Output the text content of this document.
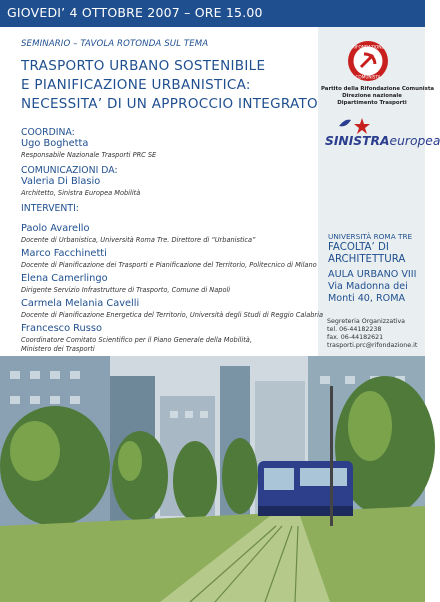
GIOVEDI’ 4 OTTOBRE 2007 – ORE 15.00
SEMINARIO – TAVOLA ROTONDA SUL TEMA
TRASPORTO URBANO SOSTENIBILE
E PIANIFICAZIONE URBANISTICA:
NECESSITA’ DI UN APPROCCIO INTEGRATO
COORDINA:
Ugo Boghetta
Responsabile Nazionale Trasporti PRC SE
COMUNICAZIONI DA:
Valeria Di Blasio
Architetto, Sinistra Europea Mobilità
INTERVENTI:
Paolo Avarello
Docente di Urbanistica, Università Roma Tre. Direttore di “Urbanistica”
Marco Facchinetti
Docente di Pianificazione dei Trasporti e Pianificazione del Territorio, Politecnico di Milano
Elena Camerlingo
Dirigente Servizio Infrastrutture di Trasporto, Comune di Napoli
Carmela Melania Cavelli
Docente di Pianificazione Energetica del Territorio, Università degli Studi di Reggio Calabria
Francesco Russo
Coordinatore Comitato Scientifico per il Piano Generale della Mobilità,
Ministero dei Trasporti
RIFONDAZIONE
COMUNISTA
Partito della Rifondazione Comunista
Direzione nazionale
Dipartimento Trasporti
SINISTRAeuropea
UNIVERSITÀ ROMA TRE
FACOLTA’ DI
ARCHITETTURA
AULA URBANO VIII
Via Madonna dei
Monti 40, ROMA
Segreteria Organizzativa
tel. 06-44182238
fax. 06-44182621
trasporti.prc@rifondazione.it
